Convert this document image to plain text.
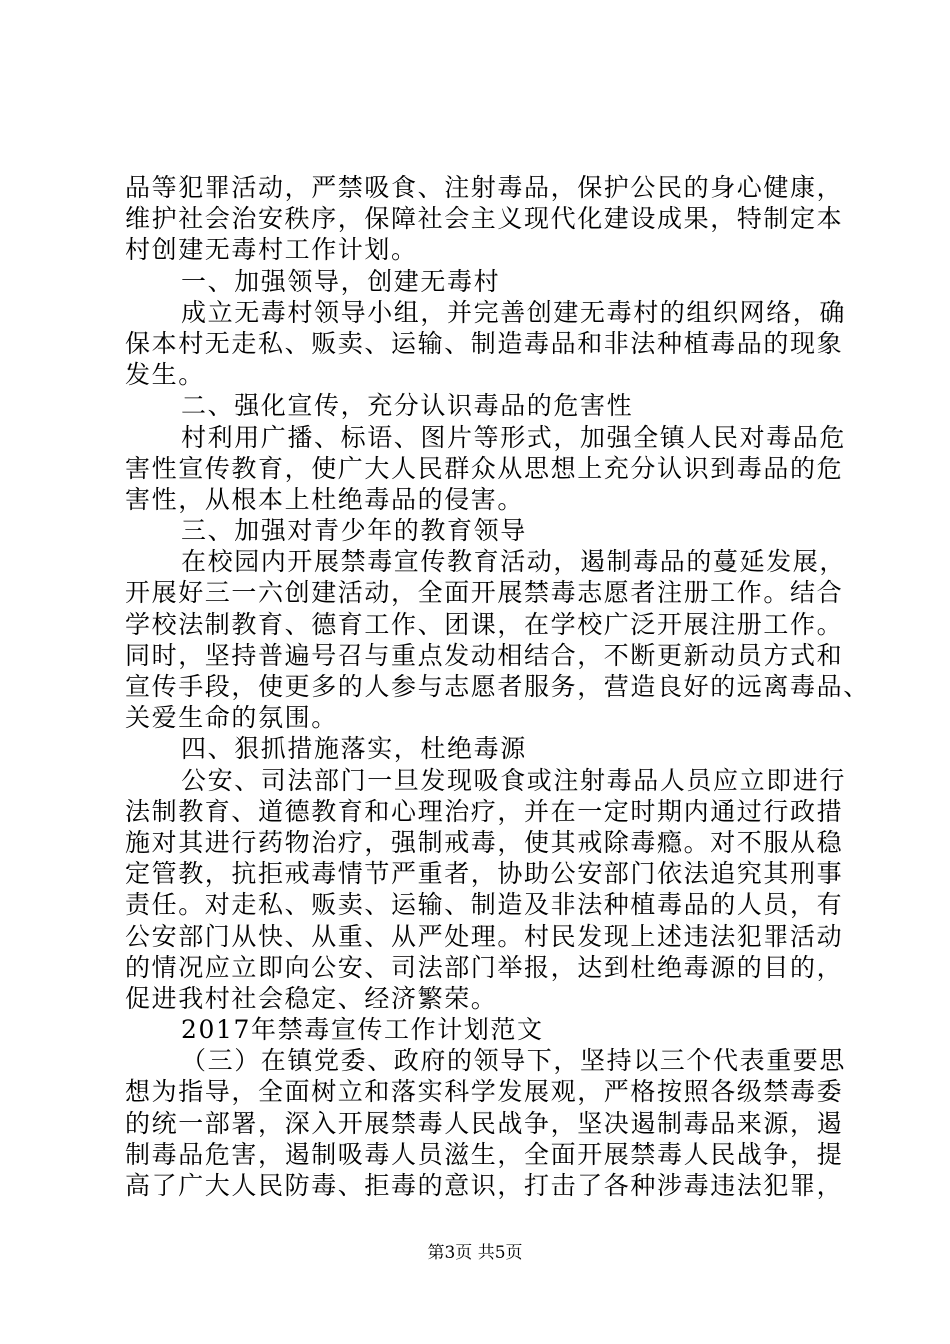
品等犯罪活动，严禁吸食、注射毒品，保护公民的身心健康，
维护社会治安秩序，保障社会主义现代化建设成果，特制定本
村创建无毒村工作计划。
一、加强领导，创建无毒村
成立无毒村领导小组，并完善创建无毒村的组织网络，确
保本村无走私、贩卖、运输、制造毒品和非法种植毒品的现象
发生。
二、强化宣传，充分认识毒品的危害性
村利用广播、标语、图片等形式，加强全镇人民对毒品危
害性宣传教育，使广大人民群众从思想上充分认识到毒品的危
害性，从根本上杜绝毒品的侵害。
三、加强对青少年的教育领导
在校园内开展禁毒宣传教育活动，遏制毒品的蔓延发展，
开展好三一六创建活动，全面开展禁毒志愿者注册工作。结合
学校法制教育、德育工作、团课，在学校广泛开展注册工作。
同时，坚持普遍号召与重点发动相结合，不断更新动员方式和
宣传手段，使更多的人参与志愿者服务，营造良好的远离毒品、
关爱生命的氛围。
四、狠抓措施落实，杜绝毒源
公安、司法部门一旦发现吸食或注射毒品人员应立即进行
法制教育、道德教育和心理治疗，并在一定时期内通过行政措
施对其进行药物治疗，强制戒毒，使其戒除毒瘾。对不服从稳
定管教，抗拒戒毒情节严重者，协助公安部门依法追究其刑事
责任。对走私、贩卖、运输、制造及非法种植毒品的人员，有
公安部门从快、从重、从严处理。村民发现上述违法犯罪活动
的情况应立即向公安、司法部门举报，达到杜绝毒源的目的，
促进我村社会稳定、经济繁荣。
2017年禁毒宣传工作计划范文
（三）在镇党委、政府的领导下，坚持以三个代表重要思
想为指导，全面树立和落实科学发展观，严格按照各级禁毒委
的统一部署，深入开展禁毒人民战争，坚决遏制毒品来源，遏
制毒品危害，遏制吸毒人员滋生，全面开展禁毒人民战争，提
高了广大人民防毒、拒毒的意识，打击了各种涉毒违法犯罪，
第3页 共5页
